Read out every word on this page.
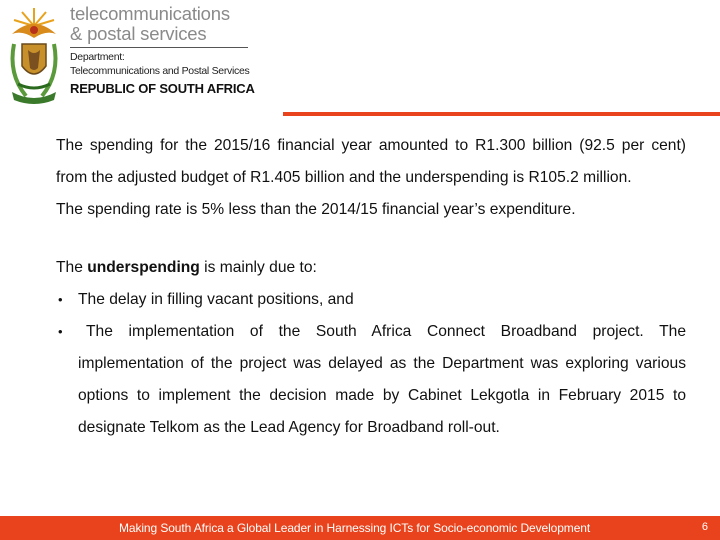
telecommunications
& postal services
Department:
Telecommunications and Postal Services
REPUBLIC OF SOUTH AFRICA

The spending for the 2015/16 financial year amounted to R1.300 billion (92.5 per cent) from the adjusted budget of R1.405 billion and the underspending is R105.2 million.

The spending rate is 5% less than the 2014/15 financial year’s expenditure.

The underspending is mainly due to:

• The delay in filling vacant positions, and
•	The implementation of the South Africa Connect Broadband project. The implementation of the project was delayed as the Department was exploring various options to implement the decision made by Cabinet Lekgotla in February 2015 to designate Telkom as the Lead Agency for Broadband roll-out.
Making South Africa a Global Leader in Harnessing ICTs for Socio-economic Development	6
